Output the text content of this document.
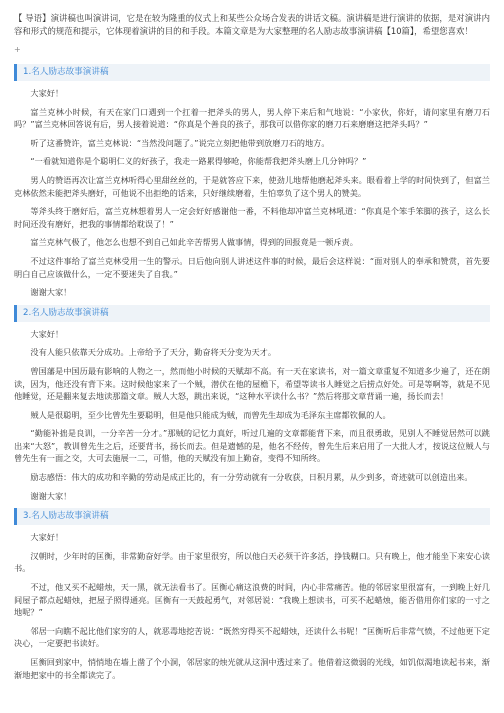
【 导语】演讲稿也叫演讲词，它是在较为隆重的仪式上和某些公众场合发表的讲话文稿。演讲稿是进行演讲的依据，是对演讲内容和形式的规范和提示，它体现着演讲的目的和手段。本篇文章是为大家整理的名人励志故事演讲稿【10篇】，希望您喜欢！
+
1.名人励志故事演讲稿

大家好！

富兰克林小时候，有天在家门口遇到一个扛着一把斧头的男人，男人停下来后和气地说：“小家伙，你好，请问家里有磨刀石吗？”富兰克林回答说有后，男人接着说道：“你真是个善良的孩子，那我可以借你家的磨刀石来磨磨这把斧头吗？”

听了这番赞许，富兰克林说：“当然没问题了。”说完立刻把他带到放磨刀石的地方。

“一看就知道你是个聪明仁义的好孩子，我走一路累得够呛，你能帮我把斧头磨上几分钟吗？”

男人的赞语再次让富兰克林听得心里甜丝丝的，于是就答应下来，使劲儿地帮他磨起斧头来。眼看着上学的时间快到了，但富兰克林依然未能把斧头磨好，可他说不出拒绝的话来，只好继续磨着，生怕辜负了这个男人的赞美。

等斧头终于磨好后，富兰克林想着男人一定会好好感谢他一番，不料他却冲富兰克林吼道：“你真是个笨手笨脚的孩子，这么长时间还没有磨好，把我的事情都给耽误了！”

富兰克林气极了，他怎么也想不到自己如此辛苦帮男人做事情，得到的回报竟是一顿斥责。

不过这件事给了富兰克林受用一生的警示。日后他向别人讲述这件事的时候，最后会这样说：“面对别人的奉承和赞赏，首先要明白自己应该做什么，一定不要迷失了自我。”

谢谢大家！

2.名人励志故事演讲稿

大家好！

没有人能只依靠天分成功。上帝给予了天分，勤奋将天分变为天才。

曾国藩是中国历最有影响的人物之一，然而他小时候的天赋却不高。有一天在家读书，对一篇文章重复不知道多少遍了，还在朗读，因为，他还没有背下来。这时候他家来了一个贼，潜伏在他的屋檐下，希望等读书人睡觉之后捞点好处。可是等啊等，就是不见他睡觉，还是翻来复去地读那篇文章。贼人大怒，跳出来说，“这种水平读什么书？”然后将那文章背诵一遍，扬长而去！

贼人是很聪明，至少比曾先生要聪明，但是他只能成为贼，而曾先生却成为毛泽东主席都钦佩的人。

“勤能补拙是良训，一分辛苦一分才。”那贼的记忆力真好，听过几遍的文章都能背下来，而且很勇敢，见别人不睡觉居然可以跳出来“大怒”，教训曾先生之后，还要背书，扬长而去。但是遗憾的是，他名不经传，曾先生后来启用了一大批人才，按说这位贼人与曾先生有一面之交，大可去施展一二，可惜，他的天赋没有加上勤奋，变得不知所终。

励志感悟：伟大的成功和辛勤的劳动是成正比的，有一分劳动就有一分收获，日积月累，从少到多，奇迹就可以创造出来。

谢谢大家！

3.名人励志故事演讲稿

大家好！

汉朝时，少年时的匡衡，非常勤奋好学。由于家里很穷，所以他白天必须干许多活，挣钱糊口。只有晚上，他才能坐下来安心读书。

不过，他又买不起蜡烛，天一黑，就无法看书了。匡衡心痛这浪费的时间，内心非常痛苦。他的邻居家里很富有，一到晚上好几间屋子都点起蜡烛，把屋子照得通亮。匡衡有一天鼓起勇气，对邻居说：“我晚上想读书，可买不起蜡烛，能否借用你们家的一寸之地呢？”

邻居一向瞧不起比他们家穷的人，就恶毒地挖苦说：“既然穷得买不起蜡烛，还读什么书呢！”匡衡听后非常气愤，不过他更下定决心，一定要把书读好。

匡衡回到家中，悄悄地在墙上凿了个小洞，邻居家的烛光就从这洞中透过来了。他借着这微弱的光线，如饥似渴地读起书来，渐渐地把家中的书全都读完了。
